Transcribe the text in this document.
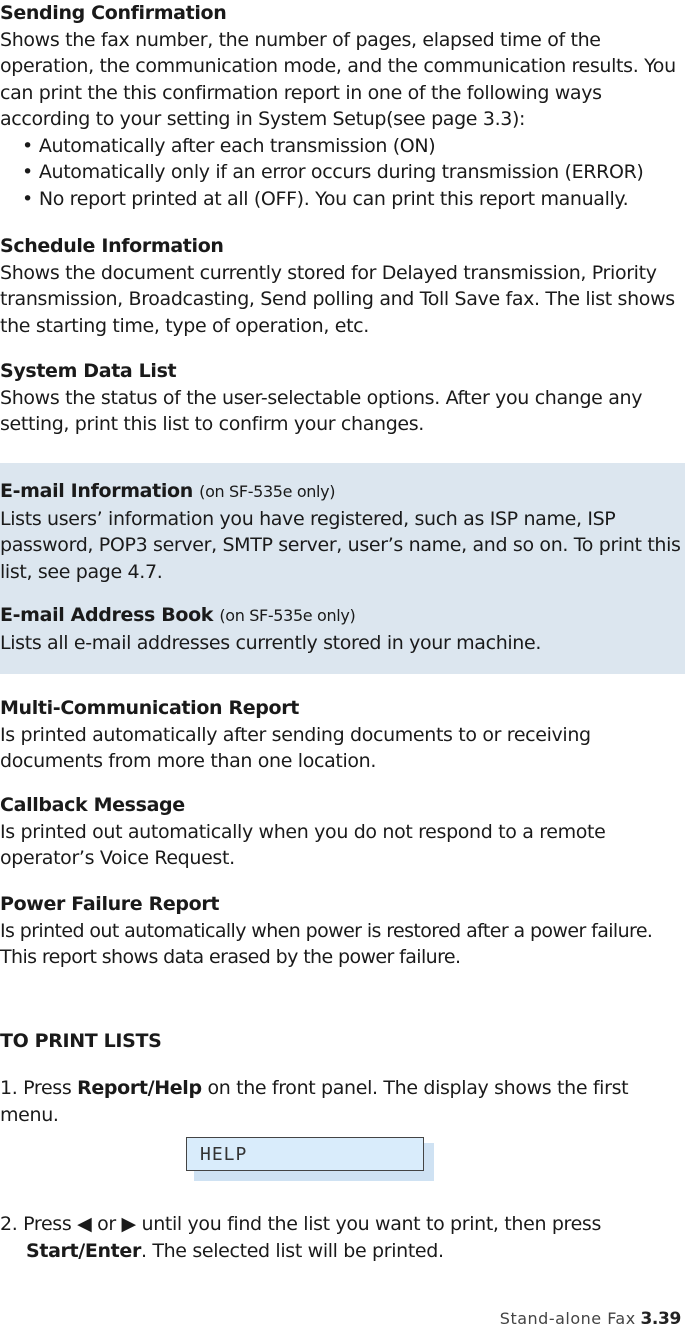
Sending Confirmation

Shows the fax number, the number of pages, elapsed time of the operation, the communication mode, and the communication results. You can print the this confirmation report in one of the following ways according to your setting in System Setup(see page 3.3):

• Automatically after each transmission (ON)
• Automatically only if an error occurs during transmission (ERROR)
• No report printed at all (OFF). You can print this report manually.
Schedule Information

Shows the document currently stored for Delayed transmission, Priority transmission, Broadcasting, Send polling and Toll Save fax. The list shows the starting time, type of operation, etc.

System Data List

Shows the status of the user-selectable options. After you change any setting, print this list to confirm your changes.

E-mail Information (on SF-535e only)

Lists users’ information you have registered, such as ISP name, ISP password, POP3 server, SMTP server, user’s name, and so on. To print this list, see page 4.7.

E-mail Address Book (on SF-535e only)

Lists all e-mail addresses currently stored in your machine.

Multi-Communication Report

Is printed automatically after sending documents to or receiving documents from more than one location.

Callback Message

Is printed out automatically when you do not respond to a remote operator’s Voice Request.

Power Failure Report

Is printed out automatically when power is restored after a power failure. This report shows data erased by the power failure.

TO PRINT LISTS
1. Press Report/Help on the front panel. The display shows the first menu.
HELP
2. Press ◀ or ▶ until you find the list you want to print, then press
Start/Enter. The selected list will be printed.
Stand-alone Fax 3.39
